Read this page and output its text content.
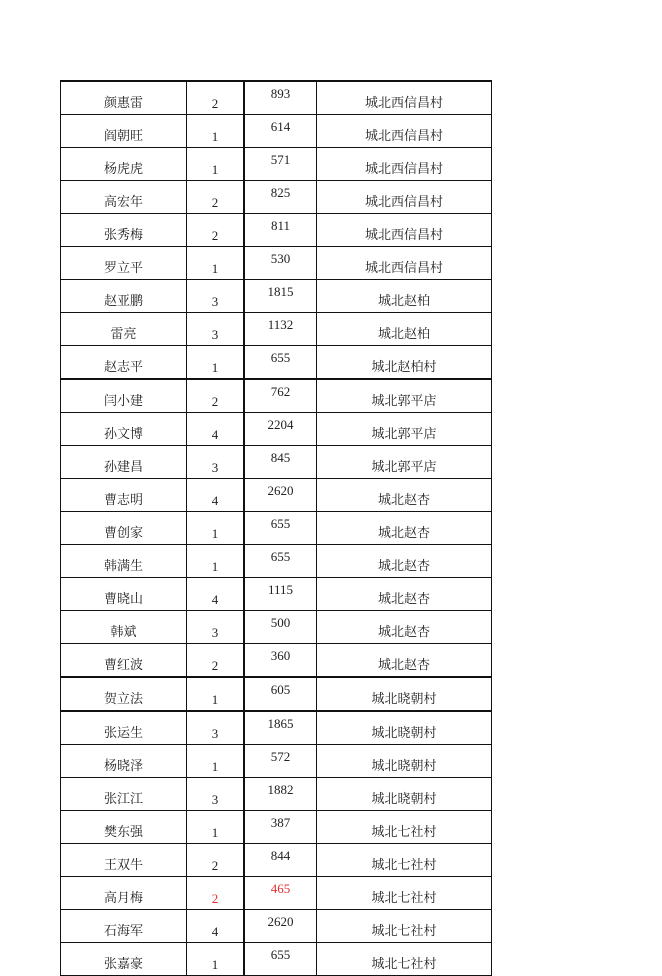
颜惠雷	2	893	城北西信昌村
阎朝旺	1	614	城北西信昌村
杨虎虎	1	571	城北西信昌村
高宏年	2	825	城北西信昌村
张秀梅	2	811	城北西信昌村
罗立平	1	530	城北西信昌村
赵亚鹏	3	1815	城北赵柏
雷亮	3	1132	城北赵柏
赵志平	1	655	城北赵柏村
闫小建	2	762	城北郭平店
孙文博	4	2204	城北郭平店
孙建昌	3	845	城北郭平店
曹志明	4	2620	城北赵杏
曹创家	1	655	城北赵杏
韩满生	1	655	城北赵杏
曹晓山	4	1115	城北赵杏
韩斌	3	500	城北赵杏
曹红波	2	360	城北赵杏
贺立法	1	605	城北晓朝村
张运生	3	1865	城北晓朝村
杨晓泽	1	572	城北晓朝村
张江江	3	1882	城北晓朝村
樊东强	1	387	城北七社村
王双牛	2	844	城北七社村
高月梅	2	465	城北七社村
石海军	4	2620	城北七社村
张嘉豪	1	655	城北七社村
